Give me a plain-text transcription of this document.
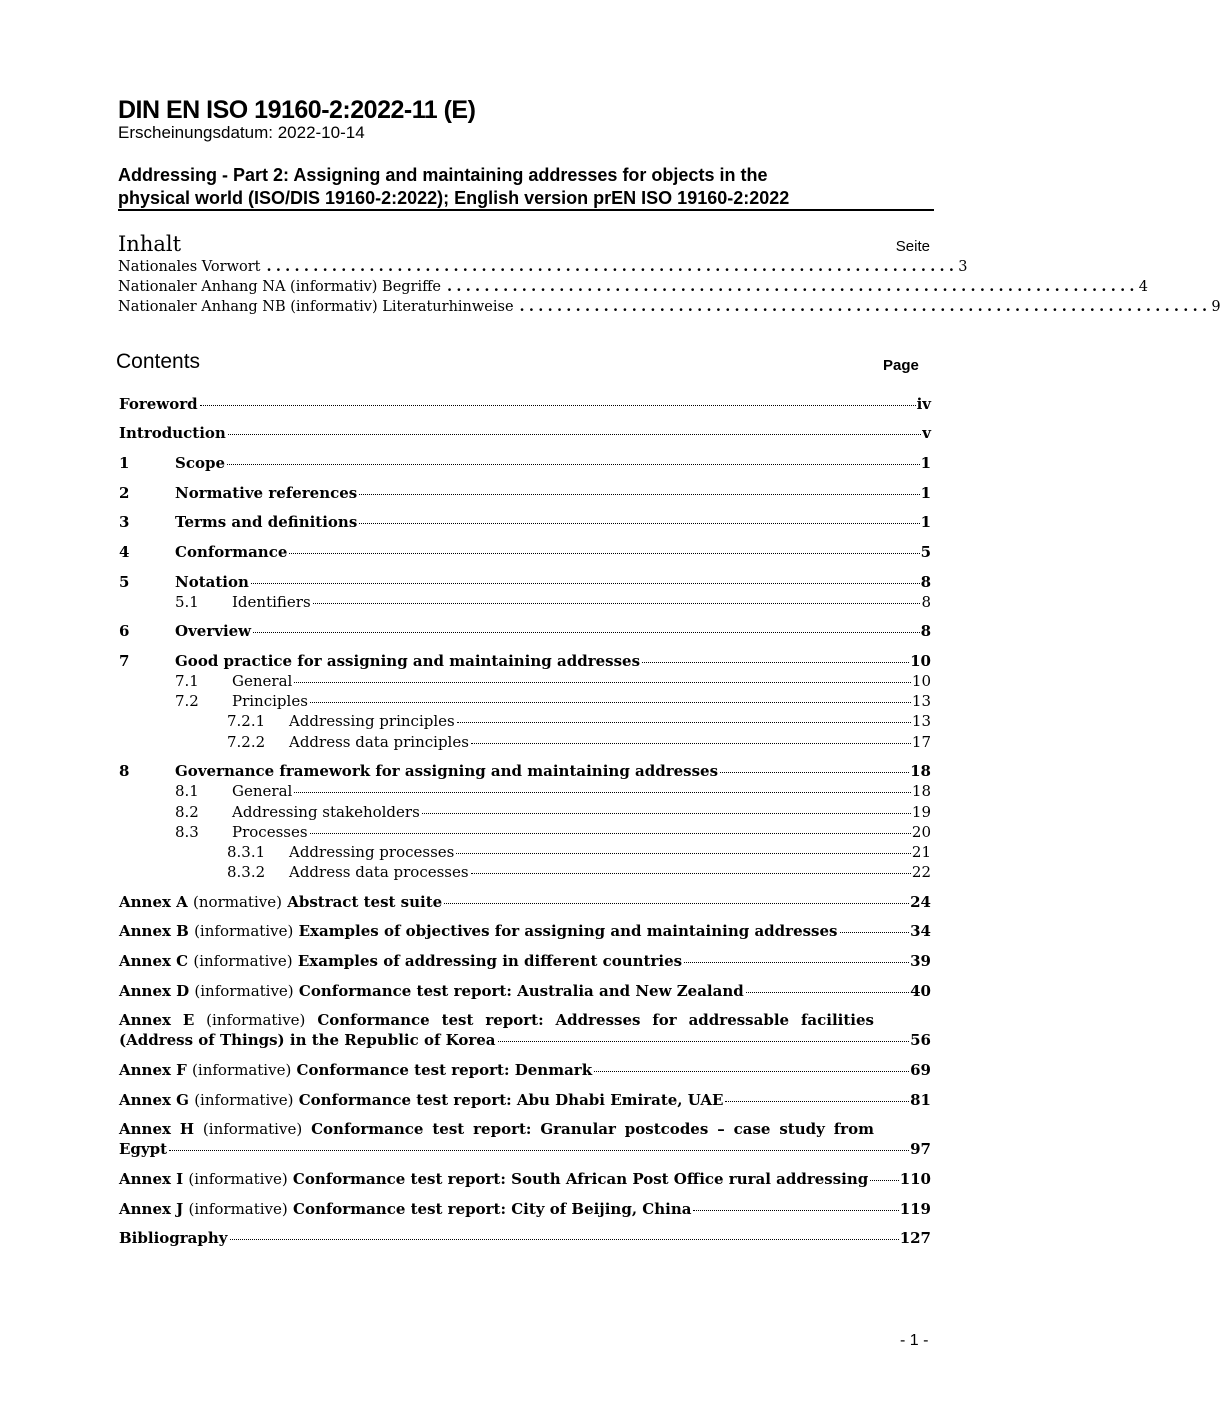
DIN EN ISO 19160-2:2022-11 (E)
Erscheinungsdatum: 2022-10-14
Addressing - Part 2: Assigning and maintaining addresses for objects in the
physical world (ISO/DIS 19160-2:2022); English version prEN ISO 19160-2:2022
Inhalt	Seite
Nationales Vorwort .......................................................................... 3
Nationaler Anhang NA (informativ) Begriffe .......................................................................... 4
Nationaler Anhang NB (informativ) Literaturhinweise .......................................................................... 9
Contents	Page
Foreword	iv
Introduction	v
1	Scope	1
2	Normative references	1
3	Terms and definitions	1
4	Conformance	5
5	Notation	8
5.1	Identifiers	8
6	Overview	8
7	Good practice for assigning and maintaining addresses	10
7.1	General	10
7.2	Principles	13
7.2.1	Addressing principles	13
7.2.2	Address data principles	17
8	Governance framework for assigning and maintaining addresses	18
8.1	General	18
8.2	Addressing stakeholders	19
8.3	Processes	20
8.3.1	Addressing processes	21
8.3.2	Address data processes	22
Annex A (normative) Abstract test suite	24
Annex B (informative) Examples of objectives for assigning and maintaining addresses	34
Annex C (informative) Examples of addressing in different countries	39
Annex D (informative) Conformance test report: Australia and New Zealand	40
Annex E (informative) Conformance test report: Addresses for addressable facilities
(Address of Things) in the Republic of Korea	56
Annex F (informative) Conformance test report: Denmark	69
Annex G (informative) Conformance test report: Abu Dhabi Emirate, UAE	81
Annex H (informative) Conformance test report: Granular postcodes – case study from
Egypt	97
Annex I (informative) Conformance test report: South African Post Office rural addressing 110
Annex J (informative) Conformance test report: City of Beijing, China	119
Bibliography	127
- 1 -
